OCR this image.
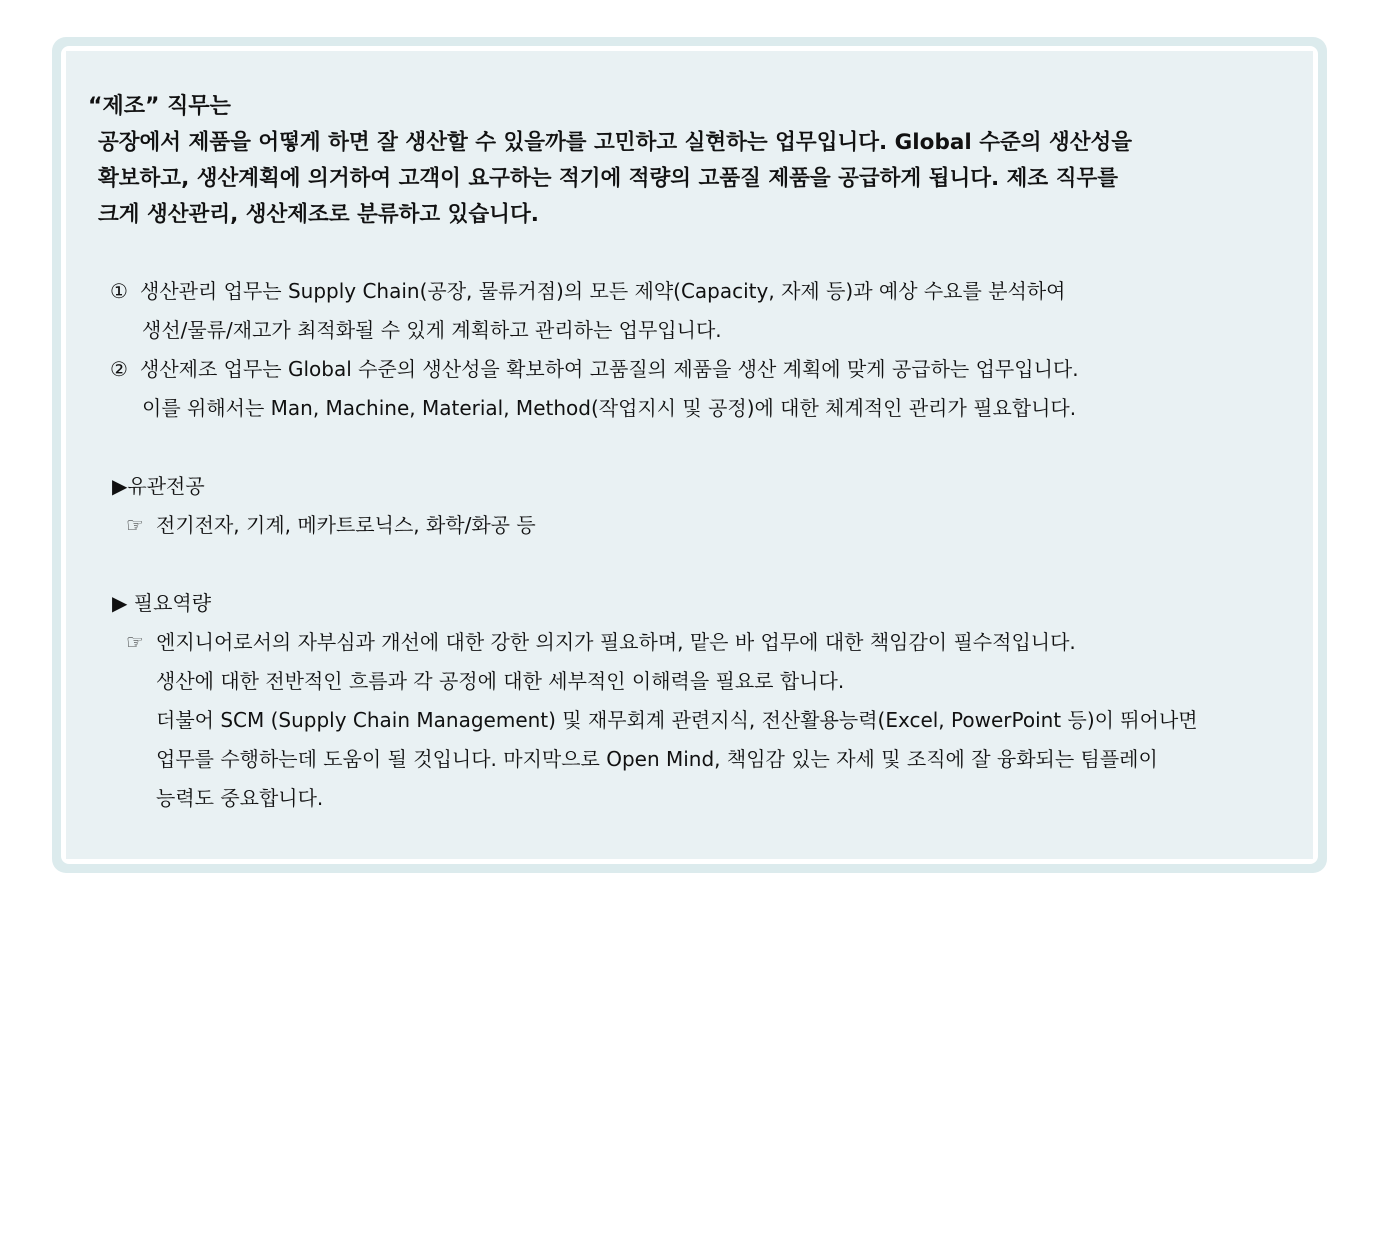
“제조” 직무는

공장에서 제품을 어떻게 하면 잘 생산할 수 있을까를 고민하고 실현하는 업무입니다. Global 수준의 생산성을
확보하고, 생산계획에 의거하여 고객이 요구하는 적기에 적량의 고품질 제품을 공급하게 됩니다. 제조 직무를
크게 생산관리, 생산제조로 분류하고 있습니다.

① 생산관리 업무는 Supply Chain(공장, 물류거점)의 모든 제약(Capacity, 자제 등)과 예상 수요를 분석하여
생선/물류/재고가 최적화될 수 있게 계획하고 관리하는 업무입니다.
② 생산제조 업무는 Global 수준의 생산성을 확보하여 고품질의 제품을 생산 계획에 맞게 공급하는 업무입니다.
이를 위해서는 Man, Machine, Material, Method(작업지시 및 공정)에 대한 체계적인 관리가 필요합니다.
▶유관전공
☞ 전기전자, 기계, 메카트로닉스, 화학/화공 등
▶ 필요역량
☞ 엔지니어로서의 자부심과 개선에 대한 강한 의지가 필요하며, 맡은 바 업무에 대한 책임감이 필수적입니다.
생산에 대한 전반적인 흐름과 각 공정에 대한 세부적인 이해력을 필요로 합니다.
더불어 SCM (Supply Chain Management) 및 재무회계 관련지식, 전산활용능력(Excel, PowerPoint 등)이 뛰어나면
업무를 수행하는데 도움이 될 것입니다. 마지막으로 Open Mind, 책임감 있는 자세 및 조직에 잘 융화되는 팀플레이
능력도 중요합니다.
